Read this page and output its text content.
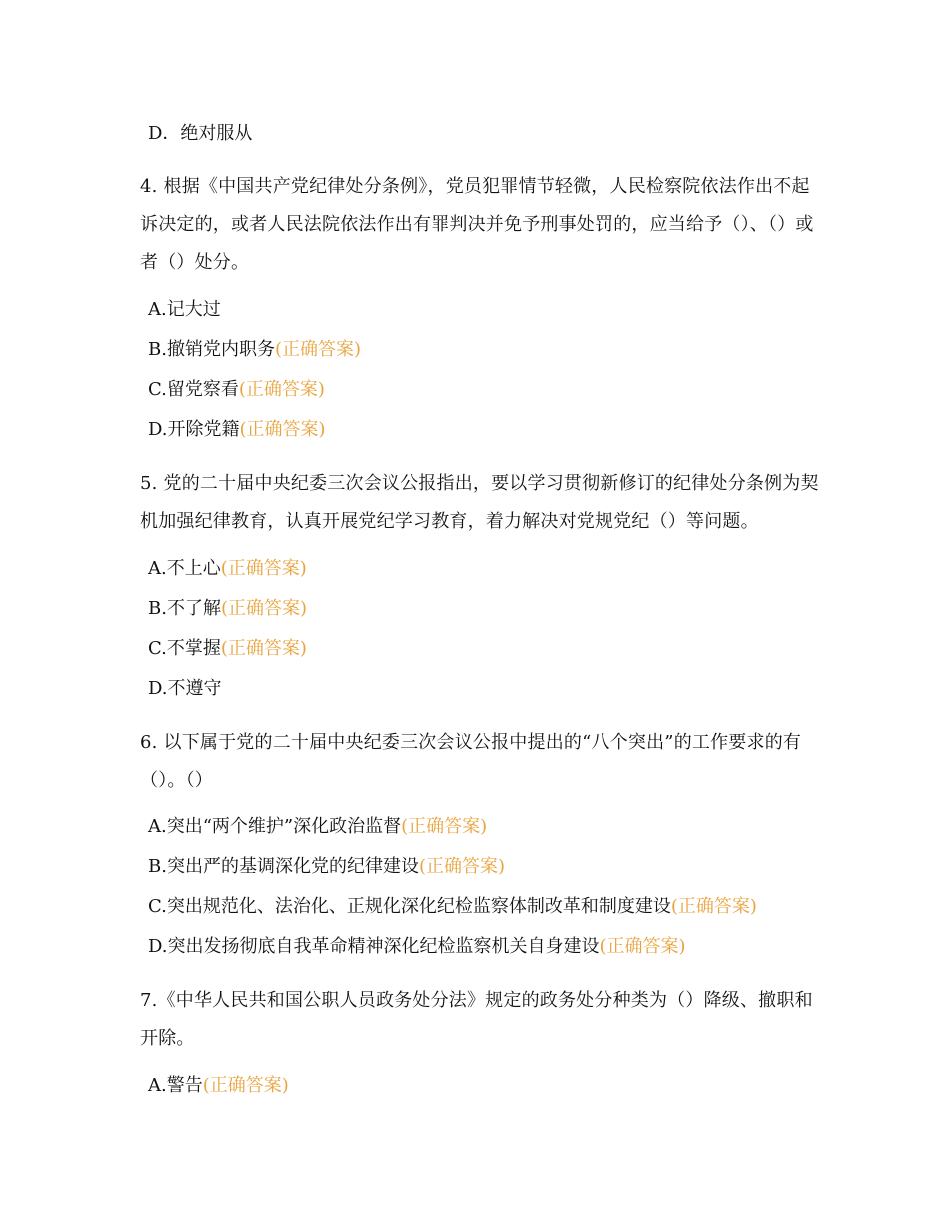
D．绝对服从
4. 根据《中国共产党纪律处分条例》，党员犯罪情节轻微，人民检察院依法作出不起诉决定的，或者人民法院依法作出有罪判决并免予刑事处罚的，应当给予（）、（）或者（）处分。
A.记大过
B.撤销党内职务(正确答案)
C.留党察看(正确答案)
D.开除党籍(正确答案)
5. 党的二十届中央纪委三次会议公报指出，要以学习贯彻新修订的纪律处分条例为契机加强纪律教育，认真开展党纪学习教育，着力解决对党规党纪（）等问题。
A.不上心(正确答案)
B.不了解(正确答案)
C.不掌握(正确答案)
D.不遵守
6. 以下属于党的二十届中央纪委三次会议公报中提出的“八个突出”的工作要求的有（）。（）
A.突出“两个维护”深化政治监督(正确答案)
B.突出严的基调深化党的纪律建设(正确答案)
C.突出规范化、法治化、正规化深化纪检监察体制改革和制度建设(正确答案)
D.突出发扬彻底自我革命精神深化纪检监察机关自身建设(正确答案)
7.《中华人民共和国公职人员政务处分法》规定的政务处分种类为（）降级、撤职和开除。
A.警告(正确答案)
